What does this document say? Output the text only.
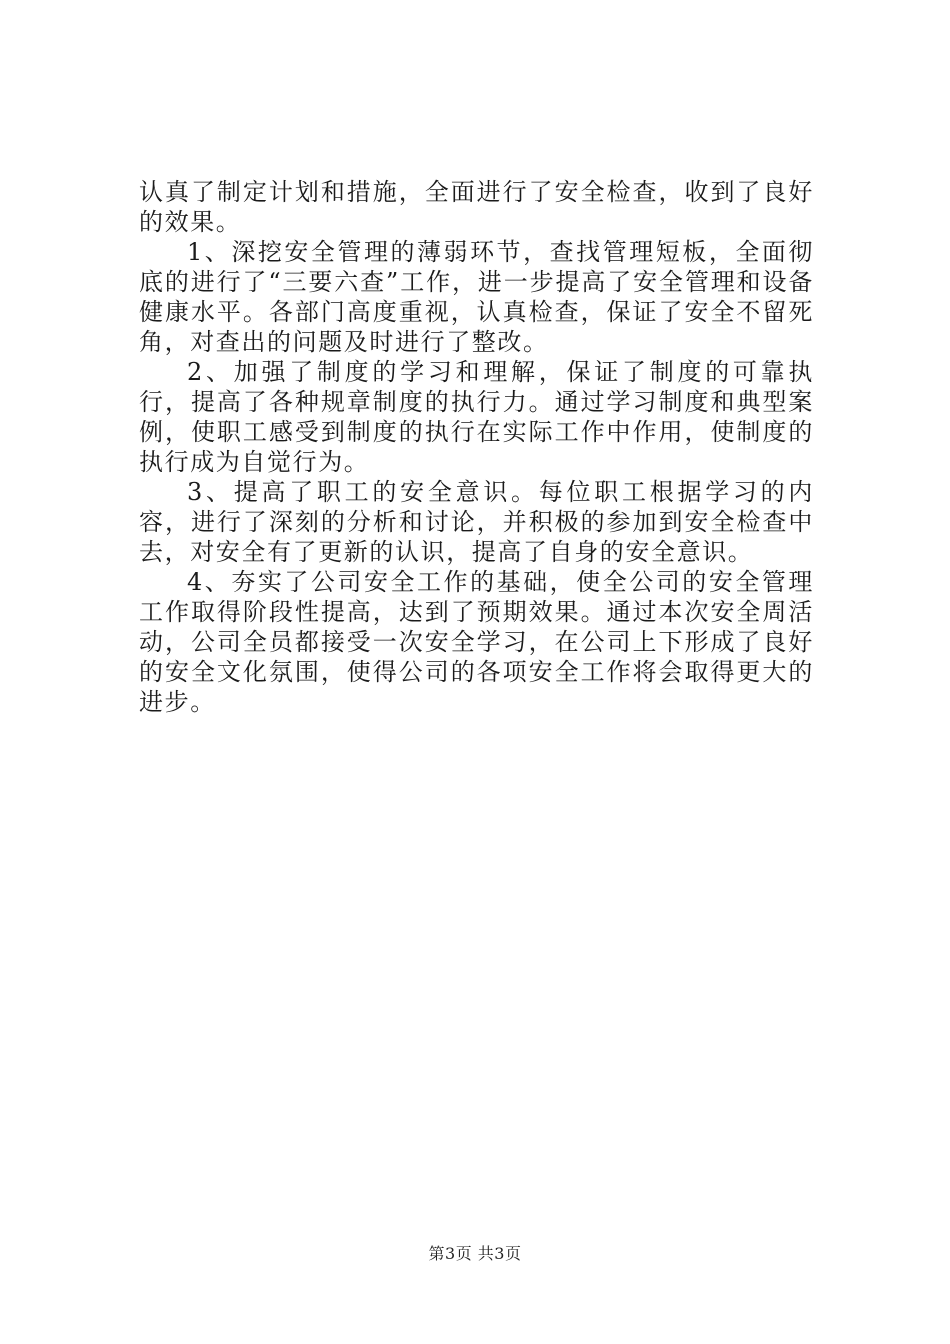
认真了制定计划和措施，全面进行了安全检查，收到了良好的效果。

1、深挖安全管理的薄弱环节，查找管理短板，全面彻底的进行了“三要六查”工作，进一步提高了安全管理和设备健康水平。各部门高度重视，认真检查，保证了安全不留死角，对查出的问题及时进行了整改。

2、加强了制度的学习和理解，保证了制度的可靠执行，提高了各种规章制度的执行力。通过学习制度和典型案例，使职工感受到制度的执行在实际工作中作用，使制度的执行成为自觉行为。

3、提高了职工的安全意识。每位职工根据学习的内容，进行了深刻的分析和讨论，并积极的参加到安全检查中去，对安全有了更新的认识，提高了自身的安全意识。

4、夯实了公司安全工作的基础，使全公司的安全管理工作取得阶段性提高，达到了预期效果。通过本次安全周活动，公司全员都接受一次安全学习，在公司上下形成了良好的安全文化氛围，使得公司的各项安全工作将会取得更大的进步。

第3页 共3页
